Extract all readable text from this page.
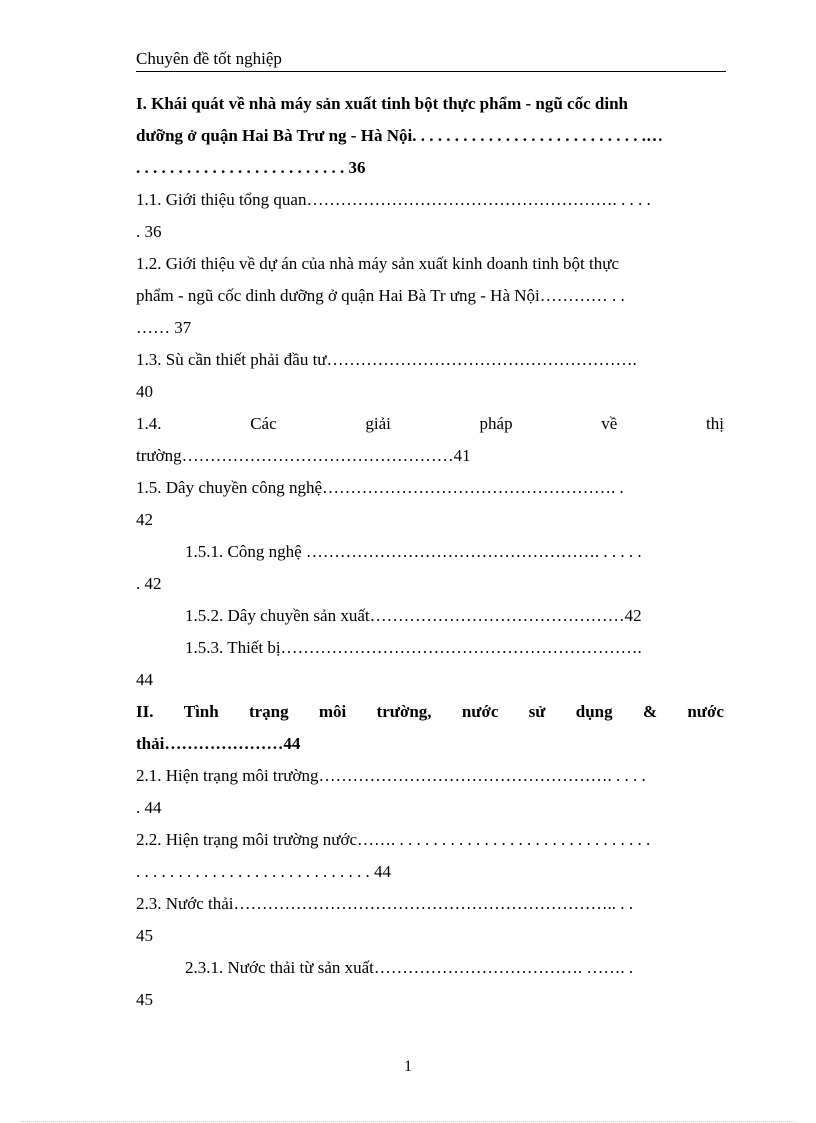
Chuyên đề tốt nghiệp
I. Khái quát về nhà máy sản xuất tinh bột thực phẩm - ngũ cốc dinh
dưỡng ở quận Hai Bà Trư ng - Hà Nội. . . . . . . . . . . . . . . . . . . . . . . . . . . .…
. . . . . . . . . . . . . . . . . . . . . . . . . 36
1.1. Giới thiệu tổng quan………………………………………………. . . . .
. 36
1.2. Giới thiệu về dự án của nhà máy sản xuất kinh doanh tinh bột thực
phẩm - ngũ cốc dinh dưỡng ở quận Hai Bà Tr ưng - Hà Nội………… . .
…… 37
1.3. Sù cần thiết phải đầu tư……………………………………………….
40
1.4.	Các	giải	pháp	về	thị
trường…………………………………………41
1.5. Dây chuyền công nghệ……………………………………………. .
42
1.5.1. Công nghệ ……………………………………………. . . . . .
. 42
1.5.2. Dây chuyền sản xuất………………………………………42
1.5.3. Thiết bị……………………………………………………….
44
II. Tình trạng môi trường, nước sử dụng & nước
thải…………………44
2.1. Hiện trạng môi trường……………………………………………. . . . .
. 44
2.2. Hiện trạng môi trường nước……. . . . . . . . . . . . . . . . . . . . . . . . . . . . . . .
. . . . . . . . . . . . . . . . . . . . . . . . . . . . 44
2.3. Nước thải………………………………………………………….. . .
45
2.3.1. Nước thải từ sản xuất………………………………. ……. .
45
1
